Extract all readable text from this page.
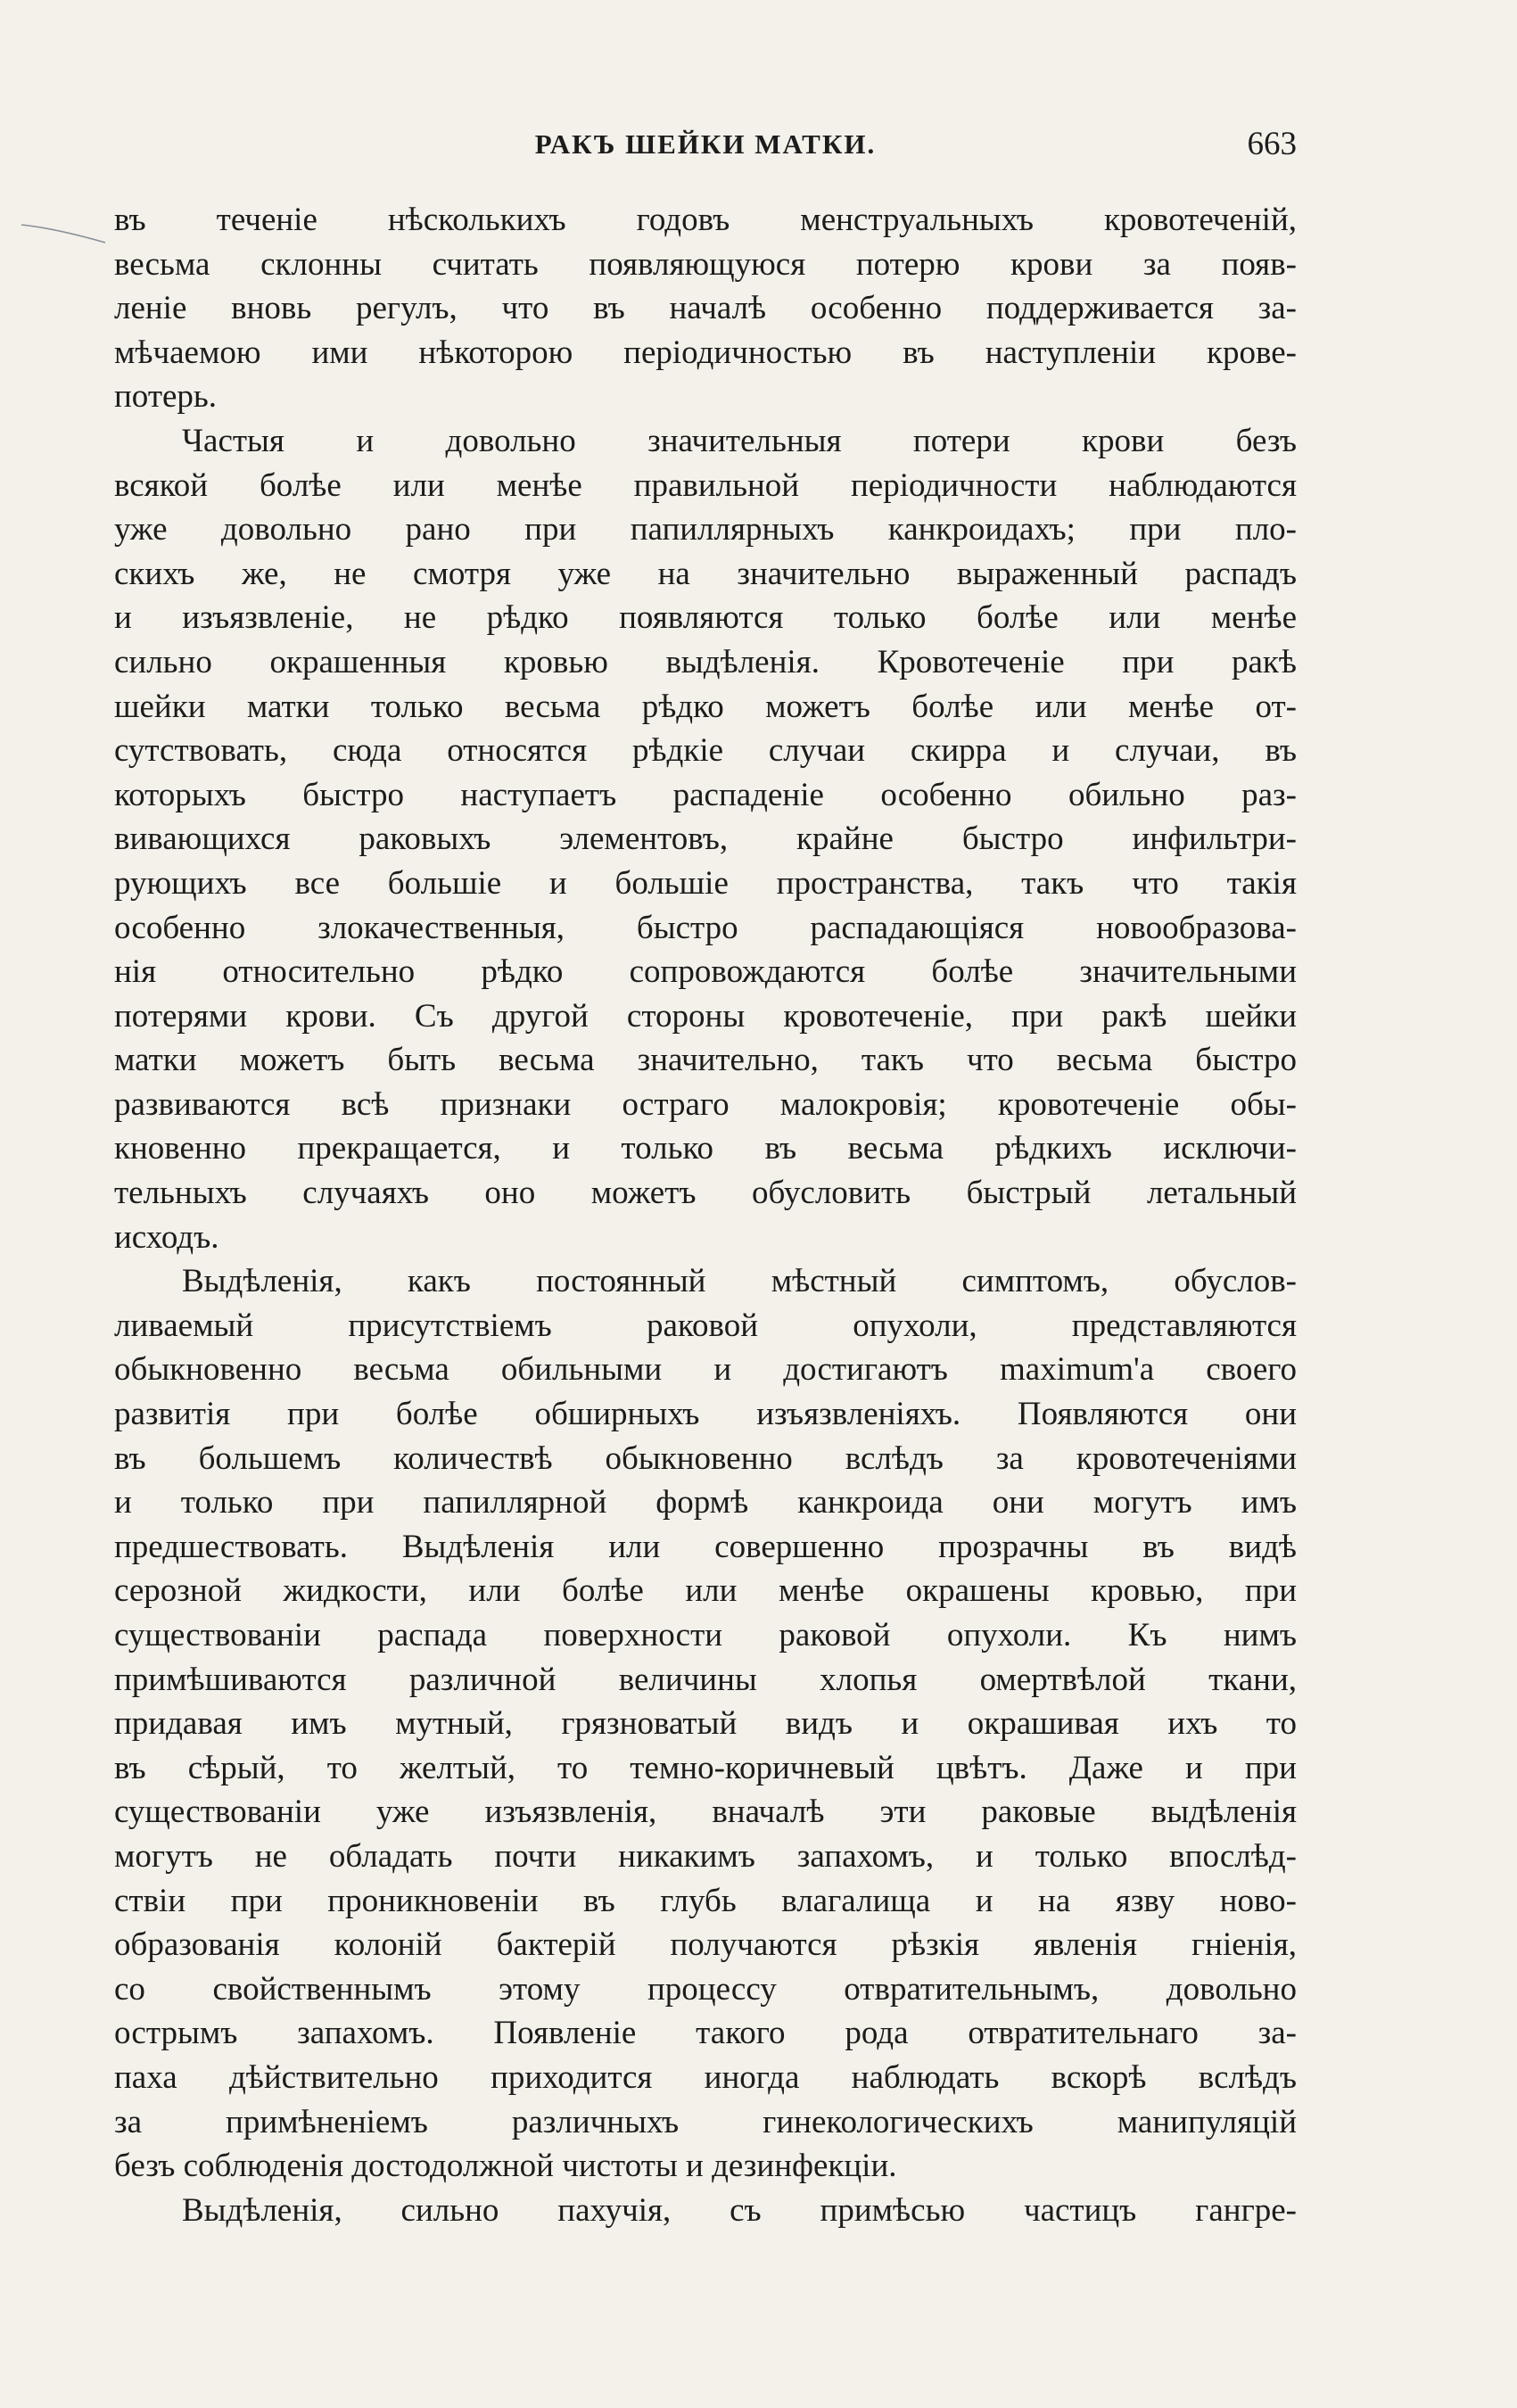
РАКЪ ШЕЙКИ МАТКИ.	663
въ теченіе нѣсколькихъ годовъ менструальныхъ кровотеченій,
весьма склонны считать появляющуюся потерю крови за появ-
леніе вновь регулъ, что въ началѣ особенно поддерживается за-
мѣчаемою ими нѣкоторою періодичностью въ наступленіи крове-
потерь.
Частыя и довольно значительныя потери крови безъ
всякой болѣе или менѣе правильной періодичности наблюдаются
уже довольно рано при папиллярныхъ канкроидахъ; при пло-
скихъ же, не смотря уже на значительно выраженный распадъ
и изъязвленіе, не рѣдко появляются только болѣе или менѣе
сильно окрашенныя кровью выдѣленія. Кровотеченіе при ракѣ
шейки матки только весьма рѣдко можетъ болѣе или менѣе от-
сутствовать, сюда относятся рѣдкіе случаи скирра и случаи, въ
которыхъ быстро наступаетъ распаденіе особенно обильно раз-
вивающихся раковыхъ элементовъ, крайне быстро инфильтри-
рующихъ все большіе и большіе пространства, такъ что такія
особенно злокачественныя, быстро распадающіяся новообразова-
нія относительно рѣдко сопровождаются болѣе значительными
потерями крови. Съ другой стороны кровотеченіе, при ракѣ шейки
матки можетъ быть весьма значительно, такъ что весьма быстро
развиваются всѣ признаки остраго малокровія; кровотеченіе обы-
кновенно прекращается, и только въ весьма рѣдкихъ исключи-
тельныхъ случаяхъ оно можетъ обусловить быстрый летальный
исходъ.
Выдѣленія, какъ постоянный мѣстный симптомъ, обуслов-
ливаемый присутствіемъ раковой опухоли, представляются
обыкновенно весьма обильными и достигаютъ maximum'а своего
развитія при болѣе обширныхъ изъязвленіяхъ. Появляются они
въ большемъ количествѣ обыкновенно вслѣдъ за кровотеченіями
и только при папиллярной формѣ канкроида они могутъ имъ
предшествовать. Выдѣленія или совершенно прозрачны въ видѣ
серозной жидкости, или болѣе или менѣе окрашены кровью, при
существованіи распада поверхности раковой опухоли. Къ нимъ
примѣшиваются различной величины хлопья омертвѣлой ткани,
придавая имъ мутный, грязноватый видъ и окрашивая ихъ то
въ сѣрый, то желтый, то темно-коричневый цвѣтъ. Даже и при
существованіи уже изъязвленія, вначалѣ эти раковые выдѣленія
могутъ не обладать почти никакимъ запахомъ, и только впослѣд-
ствіи при проникновеніи въ глубь влагалища и на язву ново-
образованія колоній бактерій получаются рѣзкія явленія гніенія,
со свойственнымъ этому процессу отвратительнымъ, довольно
острымъ запахомъ. Появленіе такого рода отвратительнаго за-
паха дѣйствительно приходится иногда наблюдать вскорѣ вслѣдъ
за примѣненіемъ различныхъ гинекологическихъ манипуляцій
безъ соблюденія достодолжной чистоты и дезинфекціи.
Выдѣленія, сильно пахучія, съ примѣсью частицъ гангре-
